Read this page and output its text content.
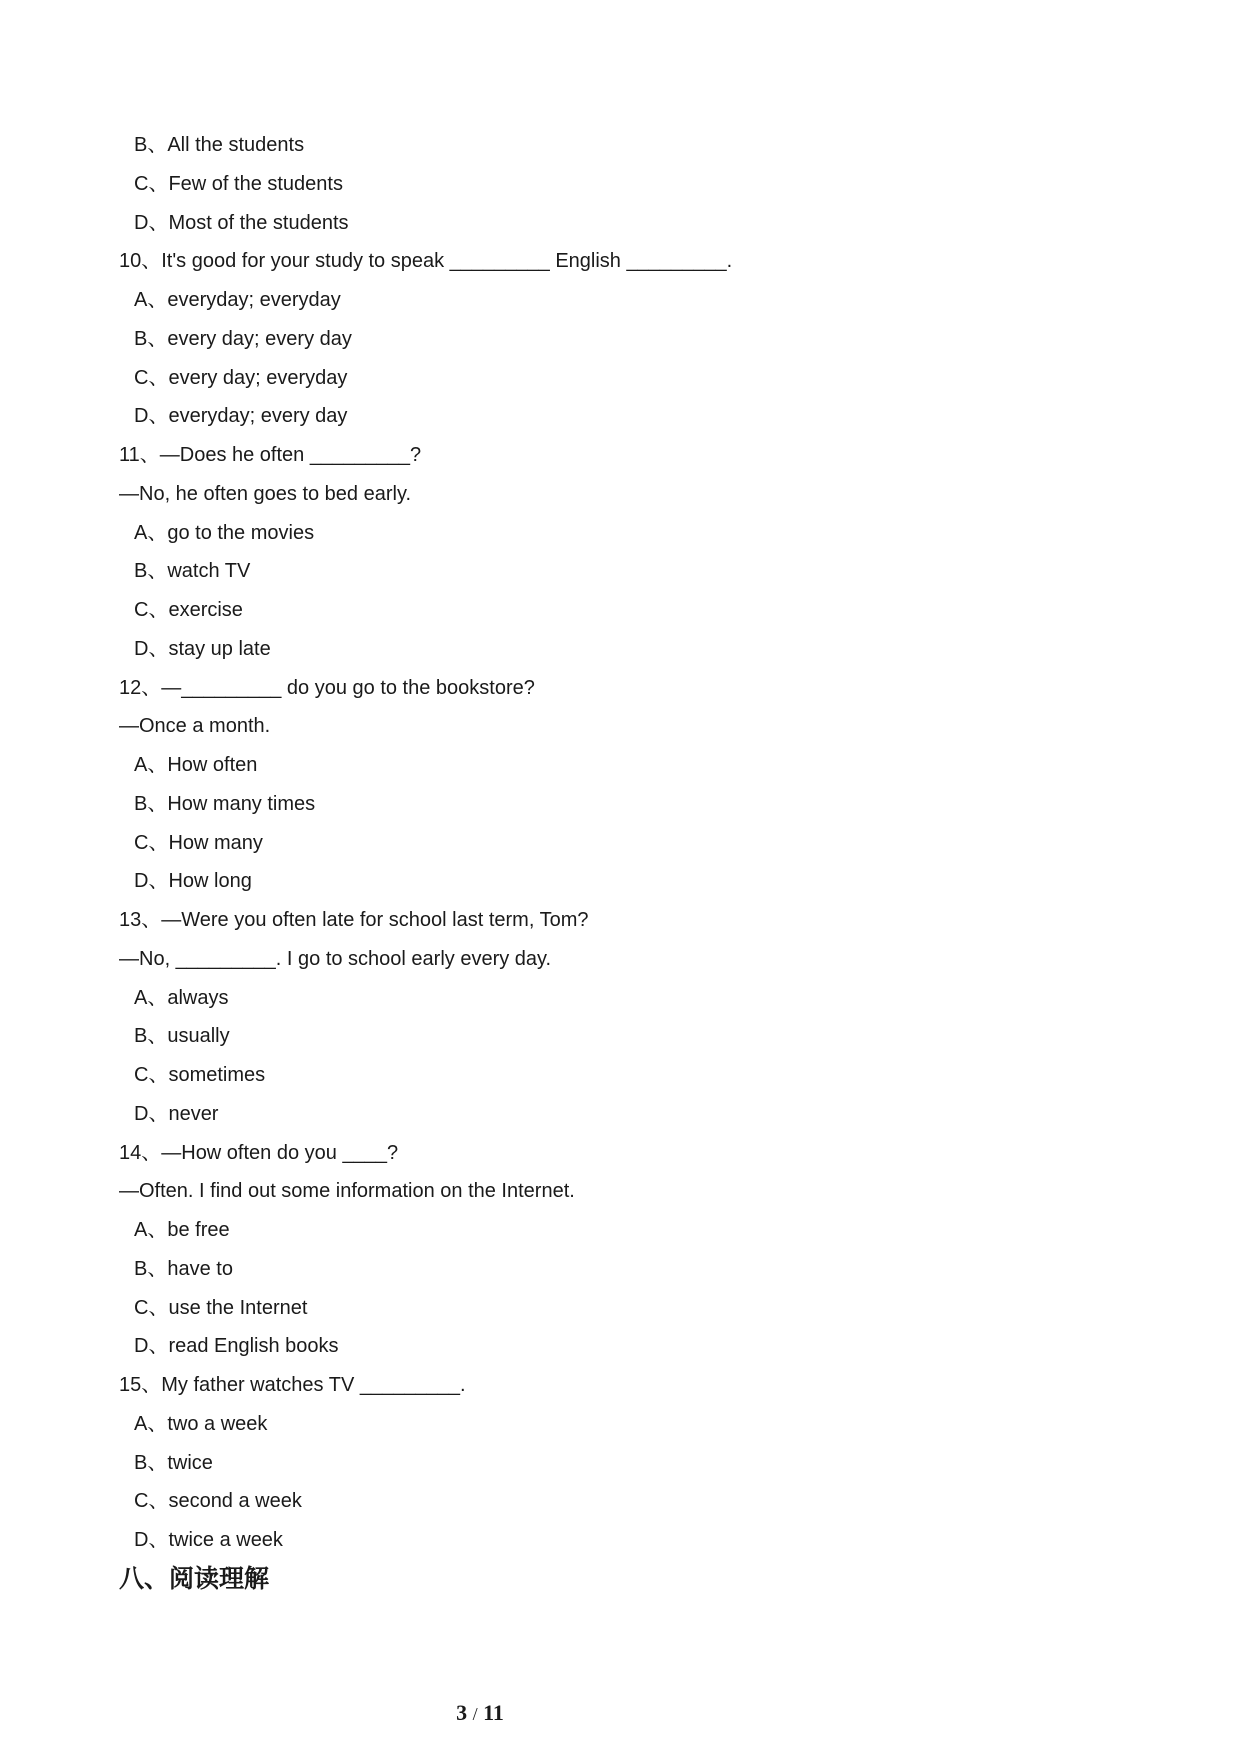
B、All the students
C、Few of the students
D、Most of the students
10、It's good for your study to speak _________ English _________.
A、everyday; everyday
B、every day; every day
C、every day; everyday
D、everyday; every day
11、—Does he often _________?
—No, he often goes to bed early.
A、go to the movies
B、watch TV
C、exercise
D、stay up late
12、—_________ do you go to the bookstore?
—Once a month.
A、How often
B、How many times
C、How many
D、How long
13、—Were you often late for school last term, Tom?
—No, _________. I go to school early every day.
A、always
B、usually
C、sometimes
D、never
14、—How often do you ____?
—Often. I find out some information on the Internet.
A、be free
B、have to
C、use the Internet
D、read English books
15、My father watches TV _________.
A、two a week
B、twice
C、second a week
D、twice a week
八、阅读理解
3 / 11
